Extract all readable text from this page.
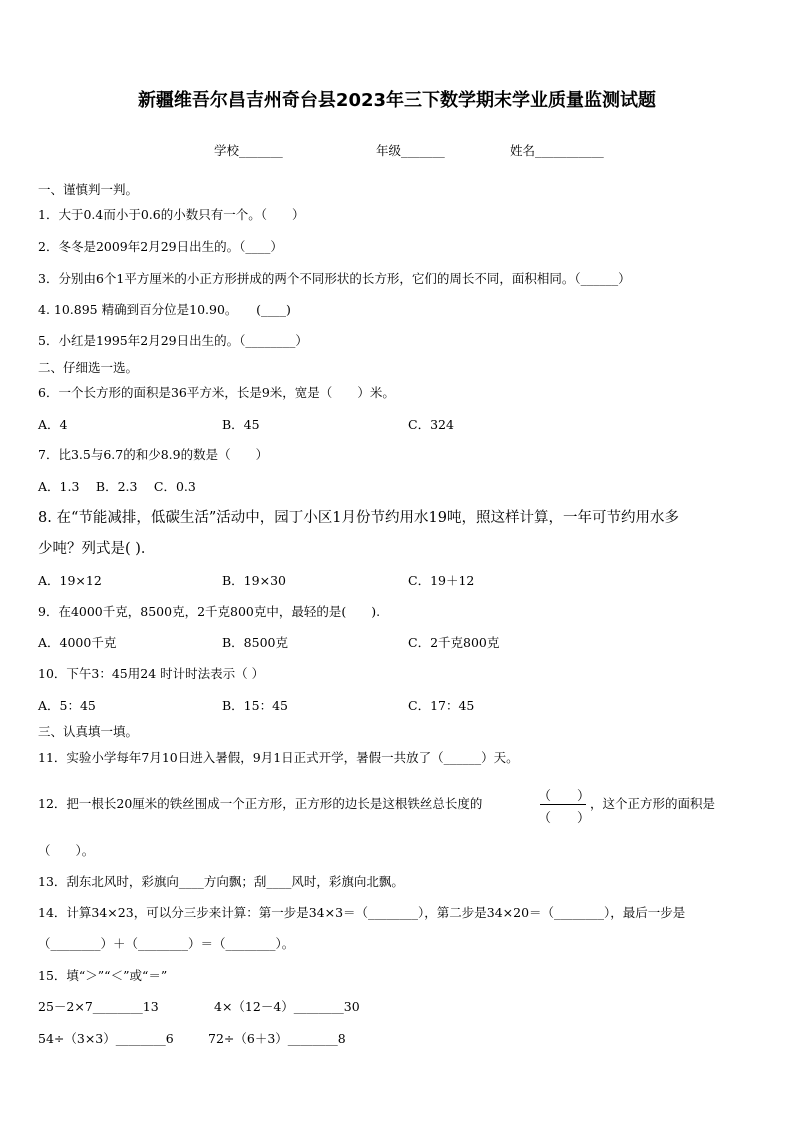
新疆维吾尔昌吉州奇台县2023年三下数学期末学业质量监测试题
学校_______	年级_______	姓名___________
一、谨慎判一判。
1．大于0.4而小于0.6的小数只有一个。（　　）
2．冬冬是2009年2月29日出生的。（____）
3．分别由6个1平方厘米的小正方形拼成的两个不同形状的长方形，它们的周长不同，面积相同。（______）
4. 10.895 精确到百分位是10.90。　　(____)
5．小红是1995年2月29日出生的。（________）
二、仔细选一选。
6．一个长方形的面积是36平方米，长是9米，宽是（　　）米。
A．4	B．45	C．324
7．比3.5与6.7的和少8.9的数是（　　）
A．1.3　 B．2.3　 C．0.3
8. 在“节能减排，低碳生活”活动中，园丁小区1月份节约用水19吨，照这样计算，一年可节约用水多
少吨？列式是( )．
A．19×12	B．19×30	C．19＋12
9．在4000千克，8500克，2千克800克中，最轻的是(　　).
A．4000千克	B．8500克	C．2千克800克
10．下午3：45用24 时计时法表示（ ）
A．5：45	B．15：45	C．17：45
三、认真填一填。
11．实验小学每年7月10日进入暑假，9月1日正式开学，暑假一共放了（______）天。
12．把一根长20厘米的铁丝围成一个正方形，正方形的边长是这根铁丝总长度的	（　　）
（　　）
，这个正方形的面积是
（　　）。
13．刮东北风时，彩旗向____方向飘；刮____风时，彩旗向北飘。
14．计算34×23，可以分三步来计算：第一步是34×3＝（________），第二步是34×20＝（________），最后一步是
（________）＋（________）＝（________）。
15．填“＞”“＜”或“＝”
25－2×7________13	4×（12－4）________30
54÷（3×3）________6	72÷（6＋3）________8
